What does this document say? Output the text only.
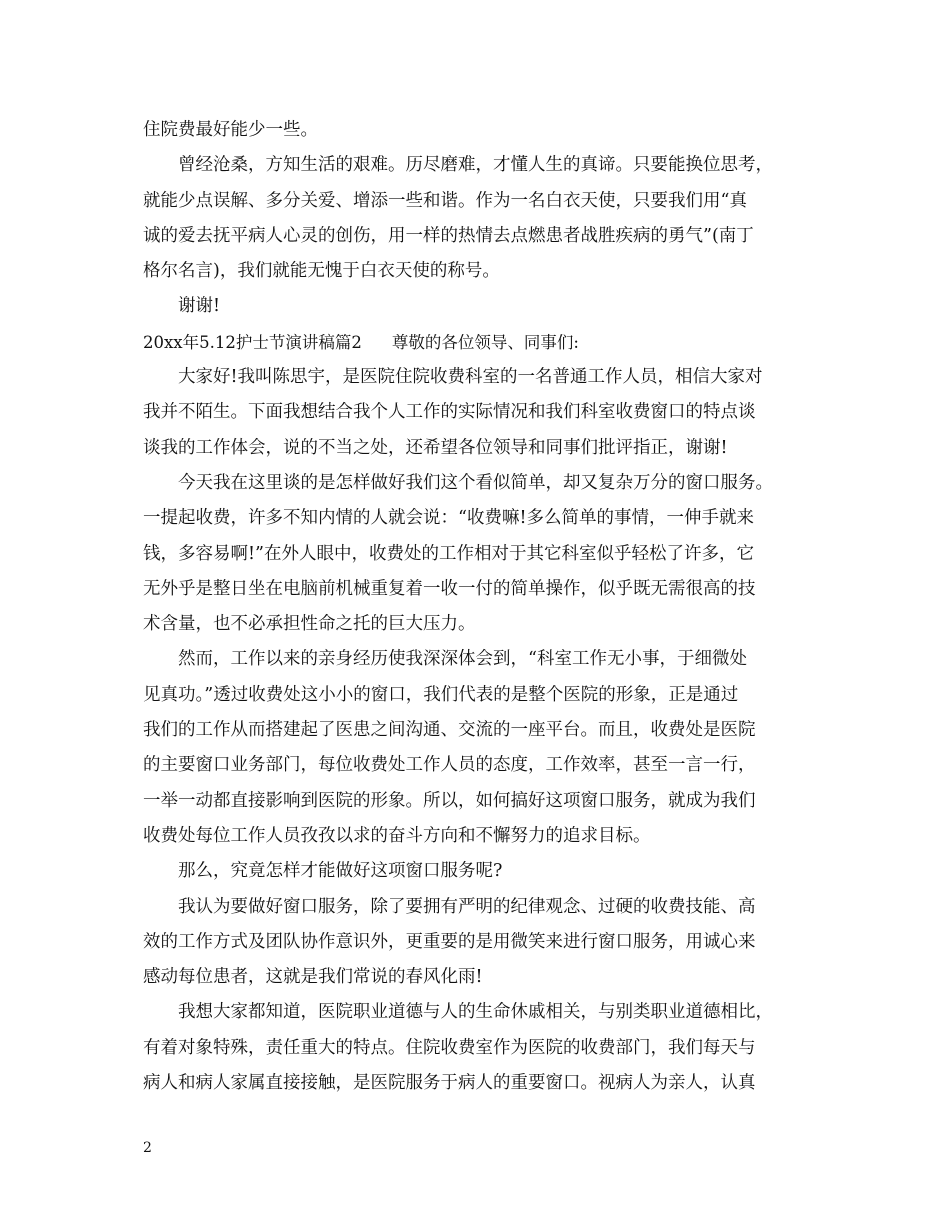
住院费最好能少一些。
　　曾经沧桑，方知生活的艰难。历尽磨难，才懂人生的真谛。只要能换位思考，
就能少点误解、多分关爱、增添一些和谐。作为一名白衣天使，只要我们用“真
诚的爱去抚平病人心灵的创伤，用一样的热情去点燃患者战胜疾病的勇气”(南丁
格尔名言)，我们就能无愧于白衣天使的称号。
　　谢谢!
20xx年5.12护士节演讲稿篇2 尊敬的各位领导、同事们:
　　大家好!我叫陈思宇，是医院住院收费科室的一名普通工作人员，相信大家对
我并不陌生。下面我想结合我个人工作的实际情况和我们科室收费窗口的特点谈
谈我的工作体会，说的不当之处，还希望各位领导和同事们批评指正，谢谢!
　　今天我在这里谈的是怎样做好我们这个看似简单，却又复杂万分的窗口服务。
一提起收费，许多不知内情的人就会说：“收费嘛!多么简单的事情，一伸手就来
钱，多容易啊!”在外人眼中，收费处的工作相对于其它科室似乎轻松了许多，它
无外乎是整日坐在电脑前机械重复着一收一付的简单操作，似乎既无需很高的技
术含量，也不必承担性命之托的巨大压力。
　　然而，工作以来的亲身经历使我深深体会到，“科室工作无小事，于细微处
见真功。”透过收费处这小小的窗口，我们代表的是整个医院的形象，正是通过
我们的工作从而搭建起了医患之间沟通、交流的一座平台。而且，收费处是医院
的主要窗口业务部门，每位收费处工作人员的态度，工作效率，甚至一言一行，
一举一动都直接影响到医院的形象。所以，如何搞好这项窗口服务，就成为我们
收费处每位工作人员孜孜以求的奋斗方向和不懈努力的追求目标。
　　那么，究竟怎样才能做好这项窗口服务呢?
　　我认为要做好窗口服务，除了要拥有严明的纪律观念、过硬的收费技能、高
效的工作方式及团队协作意识外，更重要的是用微笑来进行窗口服务，用诚心来
感动每位患者，这就是我们常说的春风化雨!
　　我想大家都知道，医院职业道德与人的生命休戚相关，与别类职业道德相比，
有着对象特殊，责任重大的特点。住院收费室作为医院的收费部门，我们每天与
病人和病人家属直接接触，是医院服务于病人的重要窗口。视病人为亲人，认真
2
